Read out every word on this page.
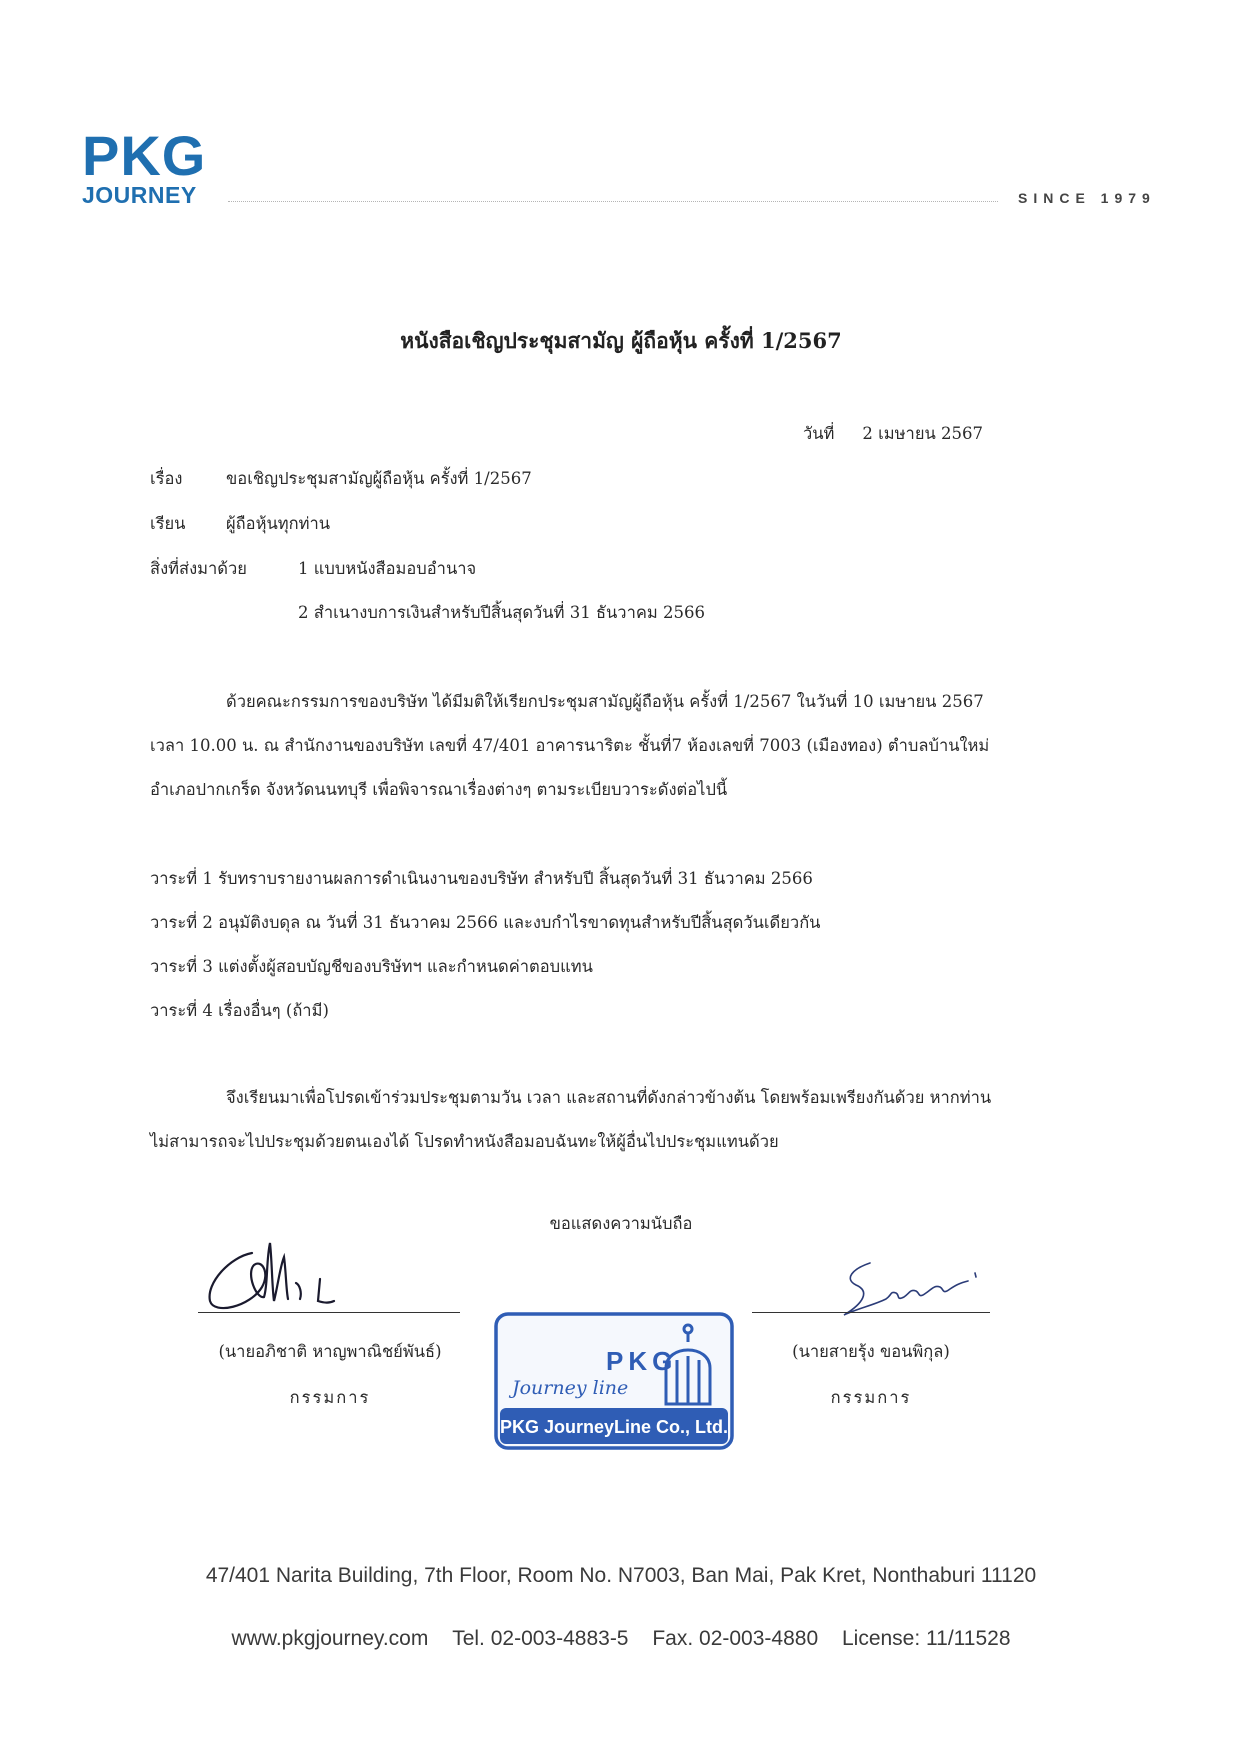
PKG
JOURNEY	SINCE 1979
หนังสือเชิญประชุมสามัญ ผู้ถือหุ้น ครั้งที่ 1/2567
วันที่ 2 เมษายน 2567
เรื่อง	ขอเชิญประชุมสามัญผู้ถือหุ้น ครั้งที่ 1/2567
เรียน ผู้ถือหุ้นทุกท่าน
สิ่งที่ส่งมาด้วย	1 แบบหนังสือมอบอำนาจ
2 สำเนางบการเงินสำหรับปีสิ้นสุดวันที่ 31 ธันวาคม 2566
ด้วยคณะกรรมการของบริษัท ได้มีมติให้เรียกประชุมสามัญผู้ถือหุ้น ครั้งที่ 1/2567 ในวันที่ 10 เมษายน 2567
เวลา 10.00 น. ณ สำนักงานของบริษัท เลขที่ 47/401 อาคารนาริตะ ชั้นที่7 ห้องเลขที่ 7003 (เมืองทอง) ตำบลบ้านใหม่
อำเภอปากเกร็ด จังหวัดนนทบุรี เพื่อพิจารณาเรื่องต่างๆ ตามระเบียบวาระดังต่อไปนี้
วาระที่ 1 รับทราบรายงานผลการดำเนินงานของบริษัท สำหรับปี สิ้นสุดวันที่ 31 ธันวาคม 2566
วาระที่ 2 อนุมัติงบดุล ณ วันที่ 31 ธันวาคม 2566 และงบกำไรขาดทุนสำหรับปีสิ้นสุดวันเดียวกัน
วาระที่ 3 แต่งตั้งผู้สอบบัญชีของบริษัทฯ และกำหนดค่าตอบแทน
วาระที่ 4 เรื่องอื่นๆ (ถ้ามี)
จึงเรียนมาเพื่อโปรดเข้าร่วมประชุมตามวัน เวลา และสถานที่ดังกล่าวข้างต้น โดยพร้อมเพรียงกันด้วย หากท่าน
ไม่สามารถจะไปประชุมด้วยตนเองได้ โปรดทำหนังสือมอบฉันทะให้ผู้อื่นไปประชุมแทนด้วย
ขอแสดงความนับถือ
(นายอภิชาติ หาญพาณิชย์พันธ์)
กรรมการ
(นายสายรุ้ง ขอนพิกุล)
กรรมการ
PKG
Journey line
PKG JourneyLine Co., Ltd.
47/401 Narita Building, 7th Floor, Room No. N7003, Ban Mai, Pak Kret, Nonthaburi 11120
www.pkgjourney.com Tel. 02-003-4883-5 Fax. 02-003-4880 License: 11/11528
